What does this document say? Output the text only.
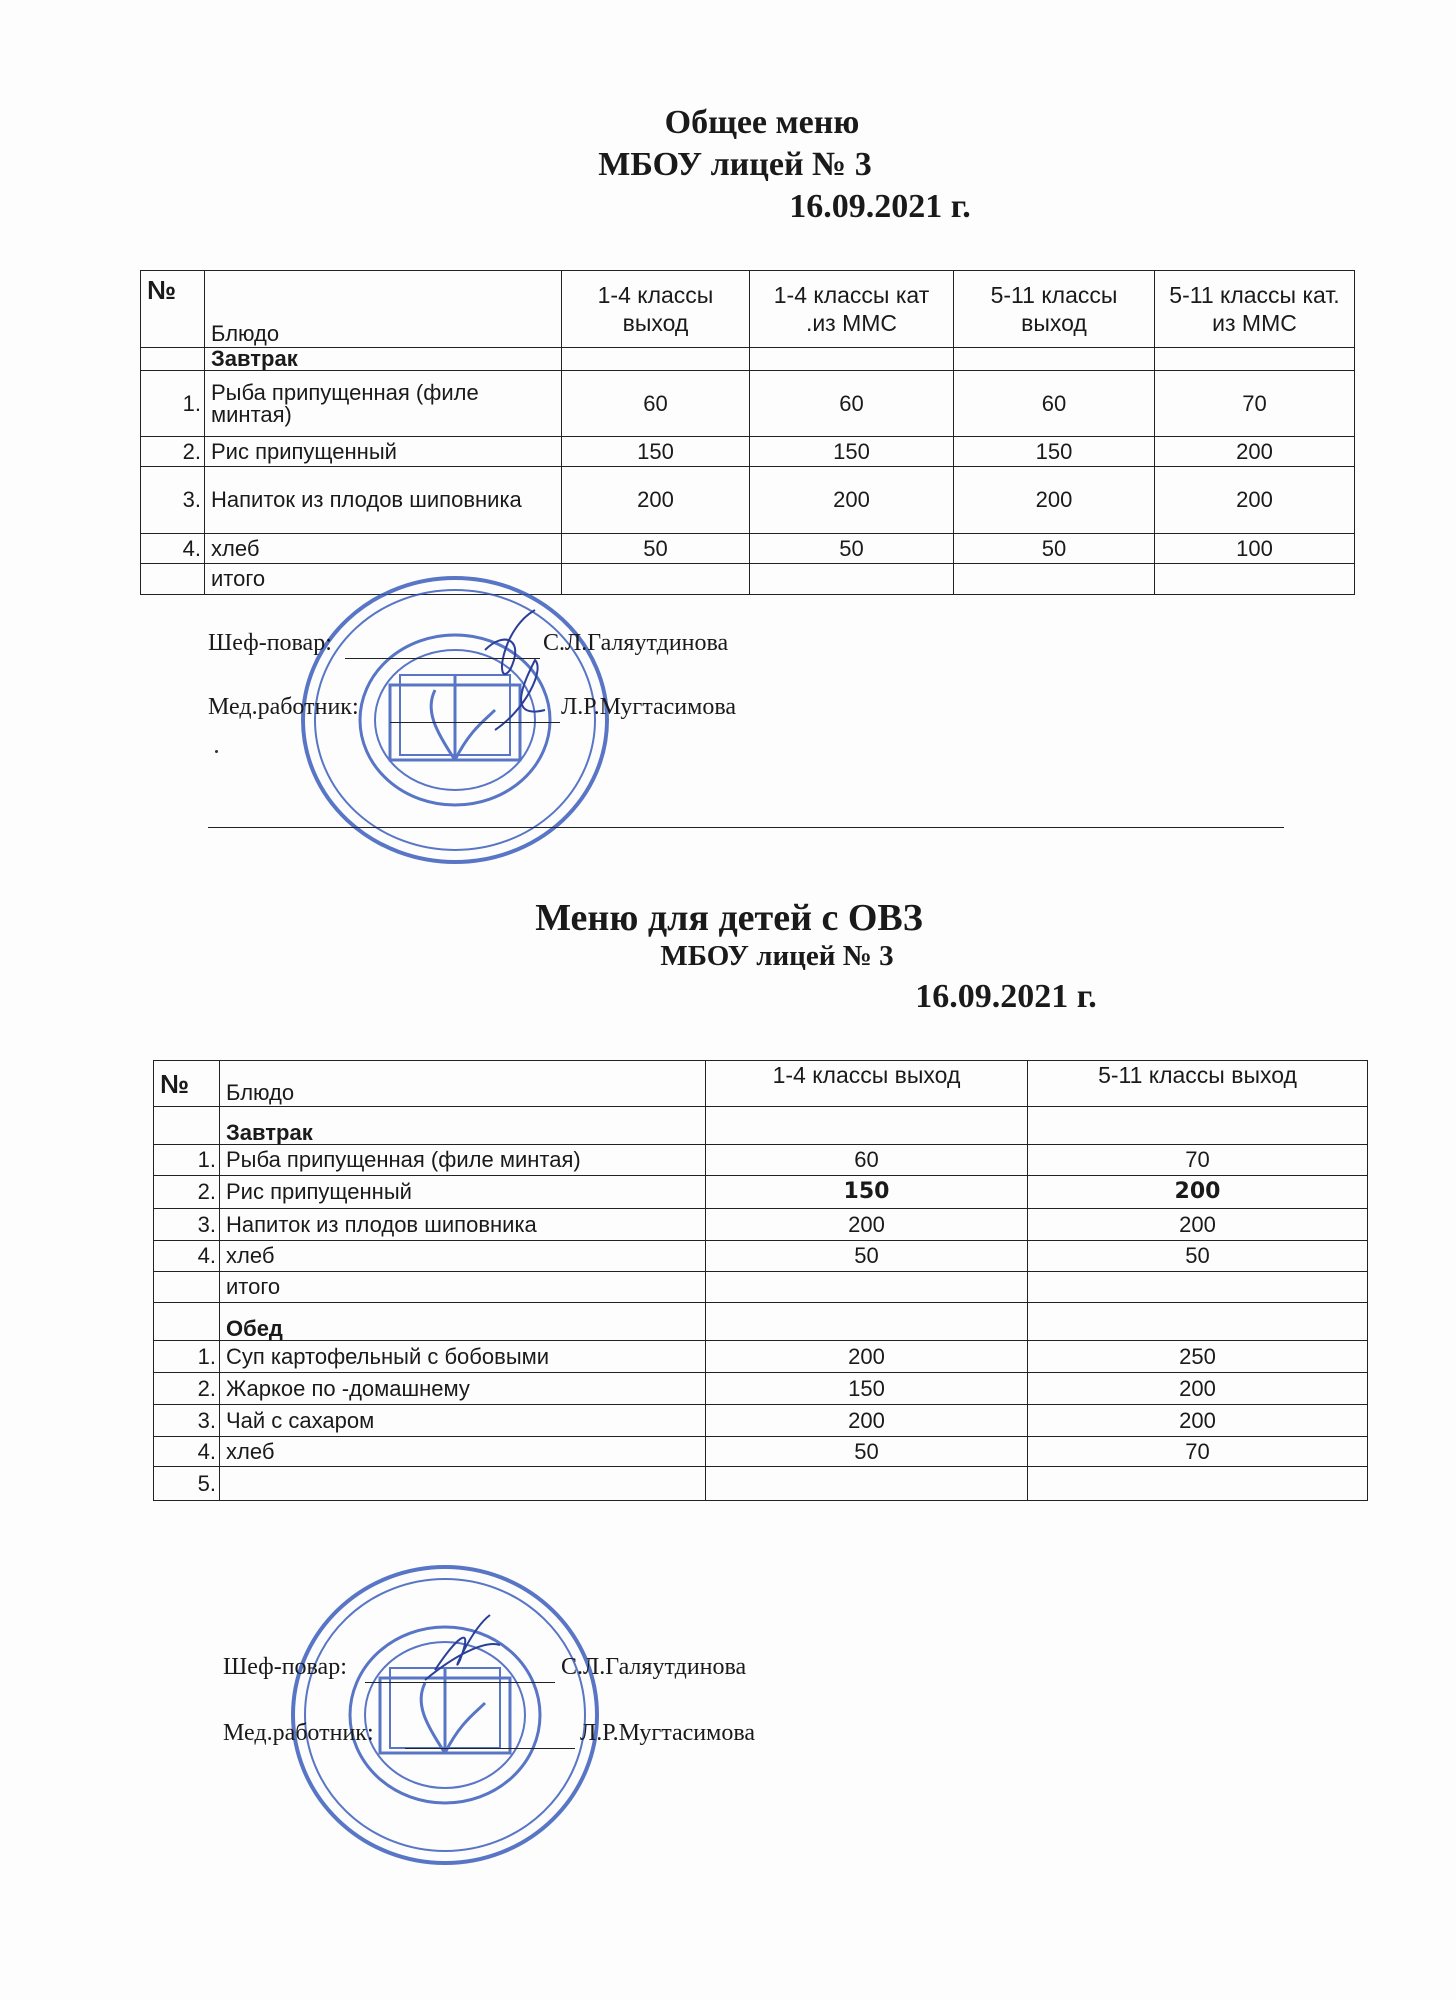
Общее меню
МБОУ лицей № 3
16.09.2021 г.
№	Блюдо	1-4 классы выход	1-4 классы кат .из ММС	5-11 классы выход	5-11 классы кат. из ММС
	Завтрак				
1.	Рыба припущенная (филе минтая)	60	60	60	70
2.	Рис припущенный	150	150	150	200
3.	Напиток из плодов шиповника	200	200	200	200
4.	хлеб	50	50	50	100
	итого				
Шеф-повар:	С.Л.Галяутдинова
Мед.работник:	Л.Р.Мугтасимова
Меню для детей с ОВЗ
МБОУ лицей № 3
16.09.2021 г.
№	Блюдо	1-4 классы выход	5-11 классы выход
	Завтрак		
1.	Рыба припущенная (филе минтая)	60	70
2.	Рис припущенный	150	200
3.	Напиток из плодов шиповника	200	200
4.	хлеб	50	50
	итого		
	Обед		
1.	Суп картофельный с бобовыми	200	250
2.	Жаркое по -домашнему	150	200
3.	Чай с сахаром	200	200
4.	хлеб	50	70
5.			
Шеф-повар:	С.Л.Галяутдинова
Мед.работник:	Л.Р.Мугтасимова
